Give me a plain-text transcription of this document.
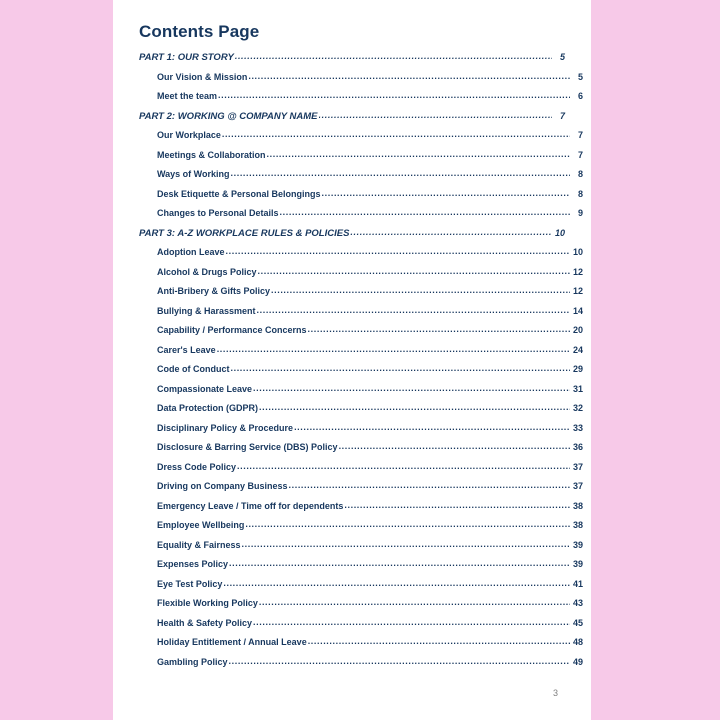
Contents Page
PART 1: OUR STORY .....	5
Our Vision & Mission .....	5
Meet the team .....	6
PART 2: WORKING @ COMPANY NAME .....	7
Our Workplace .....	7
Meetings & Collaboration .....	7
Ways of Working .....	8
Desk Etiquette & Personal Belongings .....	8
Changes to Personal Details .....	9
PART 3: A-Z WORKPLACE RULES & POLICIES .....	10
Adoption Leave .....	10
Alcohol & Drugs Policy .....	12
Anti-Bribery & Gifts Policy .....	12
Bullying & Harassment .....	14
Capability / Performance Concerns .....	20
Carer's Leave .....	24
Code of Conduct .....	29
Compassionate Leave .....	31
Data Protection (GDPR) .....	32
Disciplinary Policy & Procedure .....	33
Disclosure & Barring Service (DBS) Policy .....	36
Dress Code Policy .....	37
Driving on Company Business .....	37
Emergency Leave / Time off for dependents .....	38
Employee Wellbeing .....	38
Equality & Fairness .....	39
Expenses Policy .....	39
Eye Test Policy .....	41
Flexible Working Policy .....	43
Health & Safety Policy .....	45
Holiday Entitlement / Annual Leave .....	48
Gambling Policy .....	49
3
